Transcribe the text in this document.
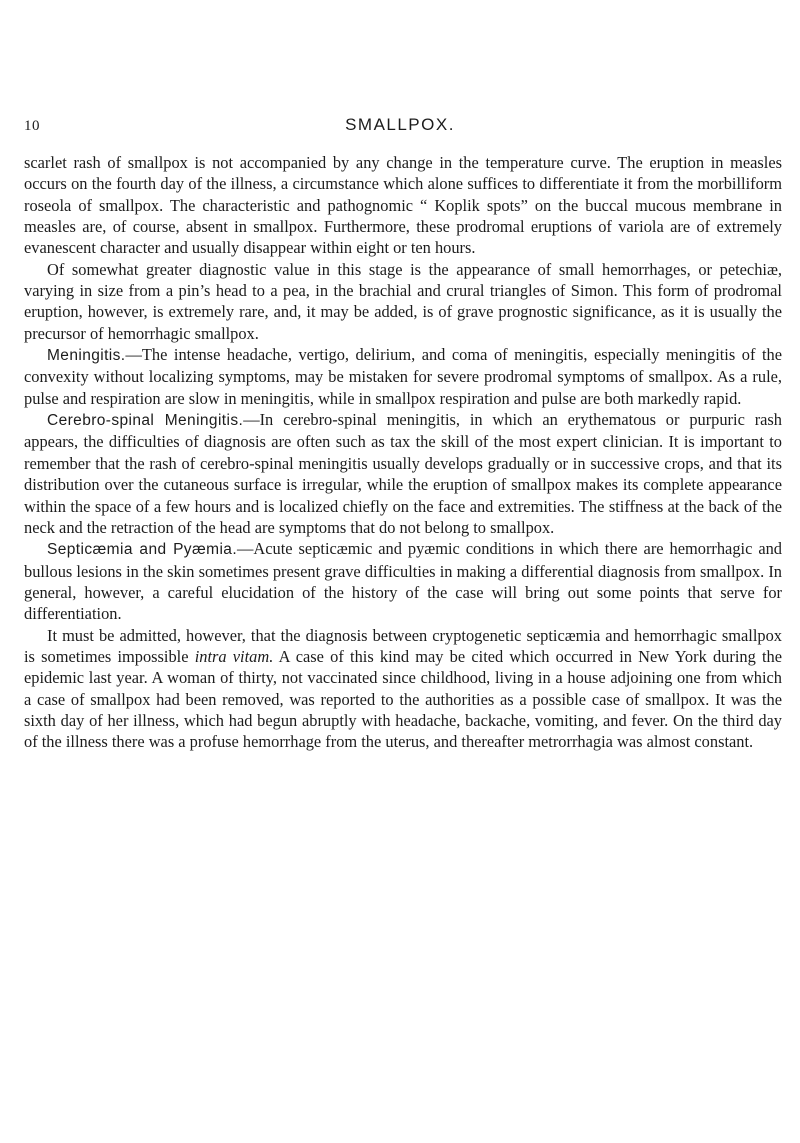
10	SMALLPOX.

scarlet rash of smallpox is not accompanied by any change in the temperature curve. The eruption in measles occurs on the fourth day of the illness, a circumstance which alone suffices to differentiate it from the morbilliform roseola of smallpox. The characteristic and pathognomic “ Koplik spots” on the buccal mucous membrane in measles are, of course, absent in smallpox. Furthermore, these prodromal eruptions of variola are of extremely evanescent character and usually disappear within eight or ten hours.

Of somewhat greater diagnostic value in this stage is the appearance of small hemorrhages, or petechiæ, varying in size from a pin’s head to a pea, in the brachial and crural triangles of Simon. This form of prodromal eruption, however, is extremely rare, and, it may be added, is of grave prognostic significance, as it is usually the precursor of hemorrhagic smallpox.

Meningitis.—The intense headache, vertigo, delirium, and coma of meningitis, especially meningitis of the convexity without localizing symptoms, may be mistaken for severe prodromal symptoms of smallpox. As a rule, pulse and respiration are slow in meningitis, while in smallpox respiration and pulse are both markedly rapid.

Cerebro-spinal Meningitis.—In cerebro-spinal meningitis, in which an erythematous or purpuric rash appears, the difficulties of diagnosis are often such as tax the skill of the most expert clinician. It is important to remember that the rash of cerebro-spinal meningitis usually develops gradually or in successive crops, and that its distribution over the cutaneous surface is irregular, while the eruption of smallpox makes its complete appearance within the space of a few hours and is localized chiefly on the face and extremities. The stiffness at the back of the neck and the retraction of the head are symptoms that do not belong to smallpox.

Septicæmia and Pyæmia.—Acute septicæmic and pyæmic conditions in which there are hemorrhagic and bullous lesions in the skin sometimes present grave difficulties in making a differential diagnosis from smallpox. In general, however, a careful elucidation of the history of the case will bring out some points that serve for differentiation.

It must be admitted, however, that the diagnosis between cryptogenetic septicæmia and hemorrhagic smallpox is sometimes impossible intra vitam. A case of this kind may be cited which occurred in New York during the epidemic last year. A woman of thirty, not vaccinated since childhood, living in a house adjoining one from which a case of smallpox had been removed, was reported to the authorities as a possible case of smallpox. It was the sixth day of her illness, which had begun abruptly with headache, backache, vomiting, and fever. On the third day of the illness there was a profuse hemorrhage from the uterus, and thereafter metrorrhagia was almost constant.
